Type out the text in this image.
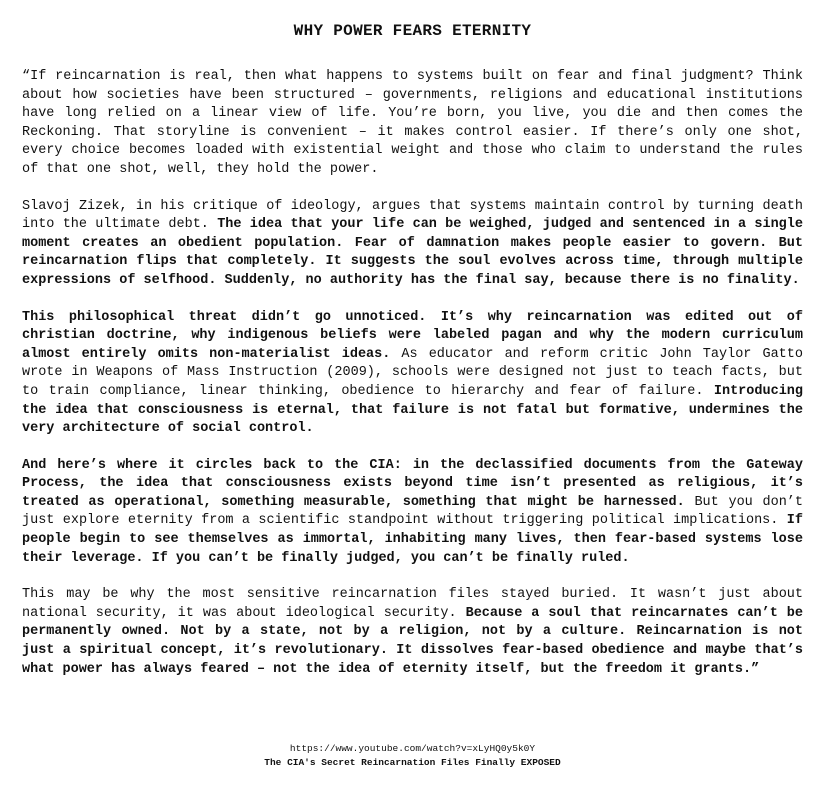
WHY POWER FEARS ETERNITY

“If reincarnation is real, then what happens to systems built on fear and final judgment? Think about how societies have been structured – governments, religions and educational institutions have long relied on a linear view of life. You’re born, you live, you die and then comes the Reckoning. That storyline is convenient – it makes control easier. If there’s only one shot, every choice becomes loaded with existential weight and those who claim to understand the rules of that one shot, well, they hold the power.

Slavoj Zizek, in his critique of ideology, argues that systems maintain control by turning death into the ultimate debt. The idea that your life can be weighed, judged and sentenced in a single moment creates an obedient population. Fear of damnation makes people easier to govern. But reincarnation flips that completely. It suggests the soul evolves across time, through multiple expressions of selfhood. Suddenly, no authority has the final say, because there is no finality.

This philosophical threat didn’t go unnoticed. It’s why reincarnation was edited out of christian doctrine, why indigenous beliefs were labeled pagan and why the modern curriculum almost entirely omits non-materialist ideas. As educator and reform critic John Taylor Gatto wrote in Weapons of Mass Instruction (2009), schools were designed not just to teach facts, but to train compliance, linear thinking, obedience to hierarchy and fear of failure. Introducing the idea that consciousness is eternal, that failure is not fatal but formative, undermines the very architecture of social control.

And here’s where it circles back to the CIA: in the declassified documents from the Gateway Process, the idea that consciousness exists beyond time isn’t presented as religious, it’s treated as operational, something measurable, something that might be harnessed. But you don’t just explore eternity from a scientific standpoint without triggering political implications. If people begin to see themselves as immortal, inhabiting many lives, then fear-based systems lose their leverage. If you can’t be finally judged, you can’t be finally ruled.

This may be why the most sensitive reincarnation files stayed buried. It wasn’t just about national security, it was about ideological security. Because a soul that reincarnates can’t be permanently owned. Not by a state, not by a religion, not by a culture. Reincarnation is not just a spiritual concept, it’s revolutionary. It dissolves fear-based obedience and maybe that’s what power has always feared – not the idea of eternity itself, but the freedom it grants.”

https://www.youtube.com/watch?v=xLyHQ0y5k0Y
The CIA's Secret Reincarnation Files Finally EXPOSED
